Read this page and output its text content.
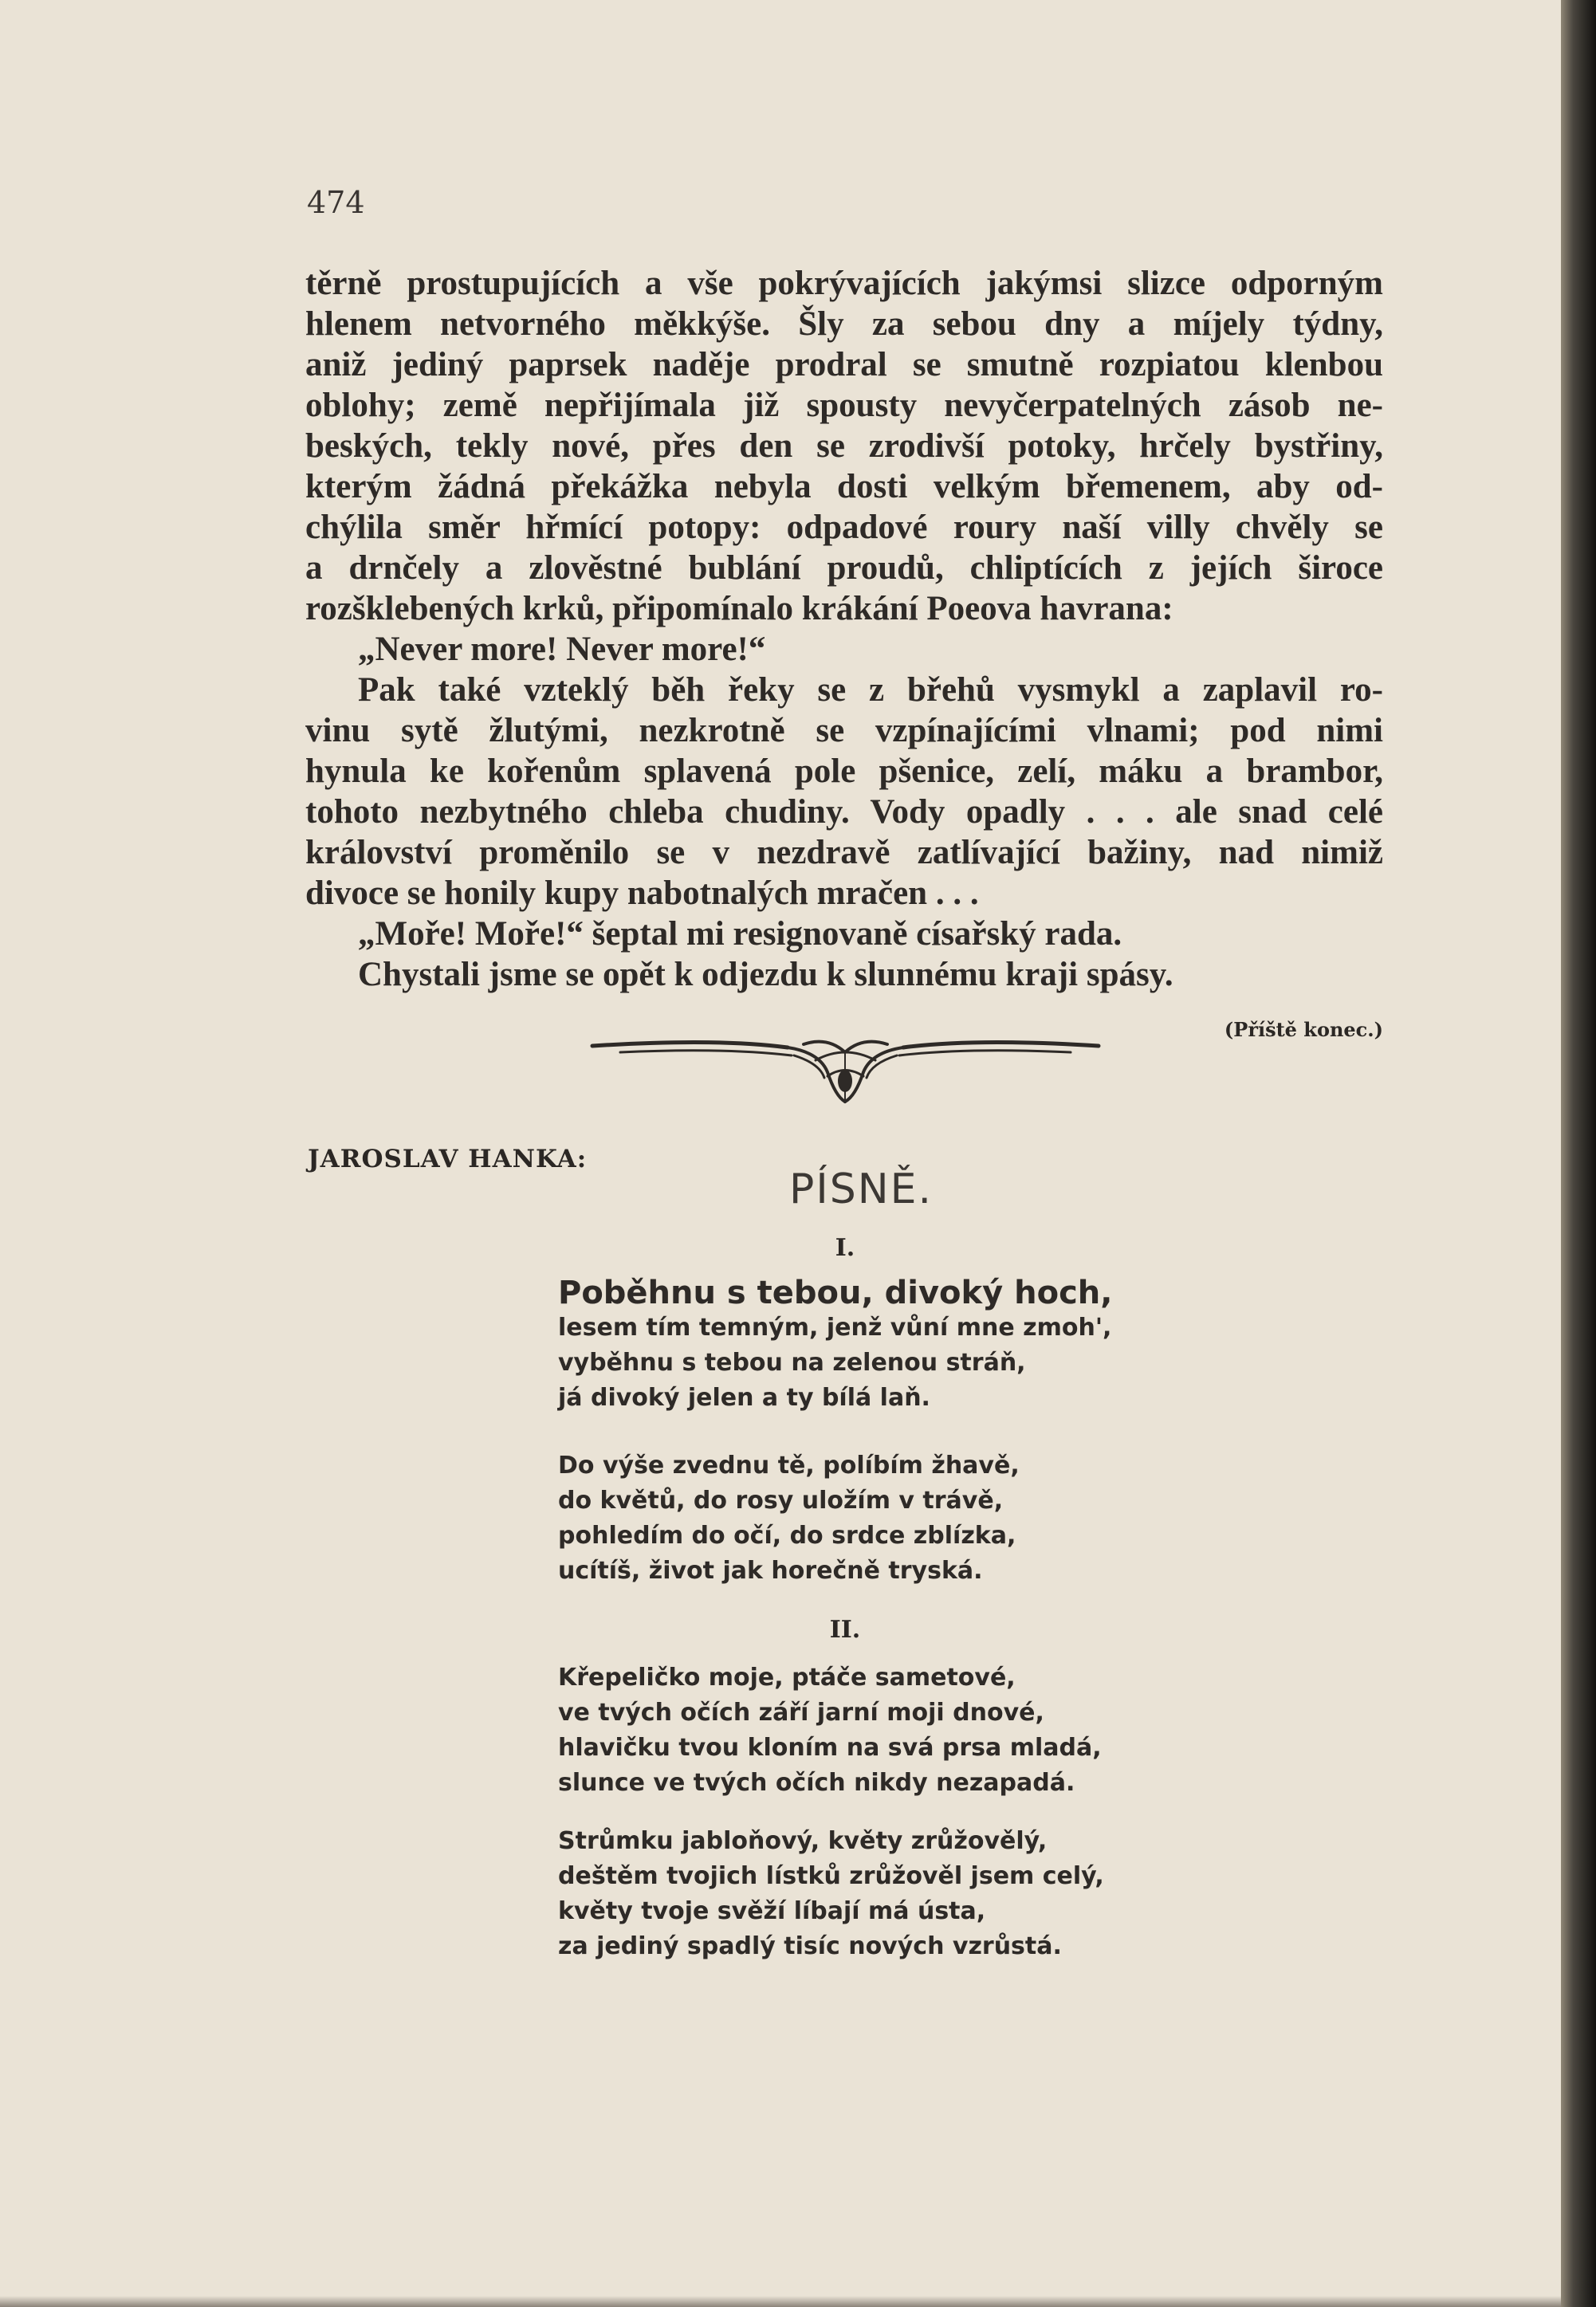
474
těrně prostupujících a vše pokrývajících jakýmsi slizce odporným
hlenem netvorného měkkýše. Šly za sebou dny a míjely týdny,
aniž jediný paprsek naděje prodral se smutně rozpiatou klenbou
oblohy; země nepřijímala již spousty nevyčerpatelných zásob ne-
beských, tekly nové, přes den se zrodivší potoky, hrčely bystřiny,
kterým žádná překážka nebyla dosti velkým břemenem, aby od-
chýlila směr hřmící potopy: odpadové roury naší villy chvěly se
a drnčely a zlověstné bublání proudů, chliptících z jejích široce
rozšklebených krků, připomínalo krákání Poeova havrana:
„Never more! Never more!“
Pak také vzteklý běh řeky se z břehů vysmykl a zaplavil ro-
vinu sytě žlutými, nezkrotně se vzpínajícími vlnami; pod nimi
hynula ke kořenům splavená pole pšenice, zelí, máku a brambor,
tohoto nezbytného chleba chudiny. Vody opadly . . . ale snad celé
království proměnilo se v nezdravě zatlívající bažiny, nad nimiž
divoce se honily kupy nabotnalých mračen . . .
„Moře! Moře!“ šeptal mi resignovaně císařský rada.
Chystali jsme se opět k odjezdu k slunnému kraji spásy.
(Příště konec.)
JAROSLAV HANKA:
PÍSNĚ.
I.
Poběhnu s tebou, divoký hoch,
lesem tím temným, jenž vůní mne zmoh',
vyběhnu s tebou na zelenou stráň,
já divoký jelen a ty bílá laň.
Do výše zvednu tě, políbím žhavě,
do květů, do rosy uložím v trávě,
pohledím do očí, do srdce zblízka,
ucítíš, život jak horečně tryská.
II.
Křepeličko moje, ptáče sametové,
ve tvých očích září jarní moji dnové,
hlavičku tvou kloním na svá prsa mladá,
slunce ve tvých očích nikdy nezapadá.
Strůmku jabloňový, květy zrůžovělý,
deštěm tvojich lístků zrůžověl jsem celý,
květy tvoje svěží líbají má ústa,
za jediný spadlý tisíc nových vzrůstá.
